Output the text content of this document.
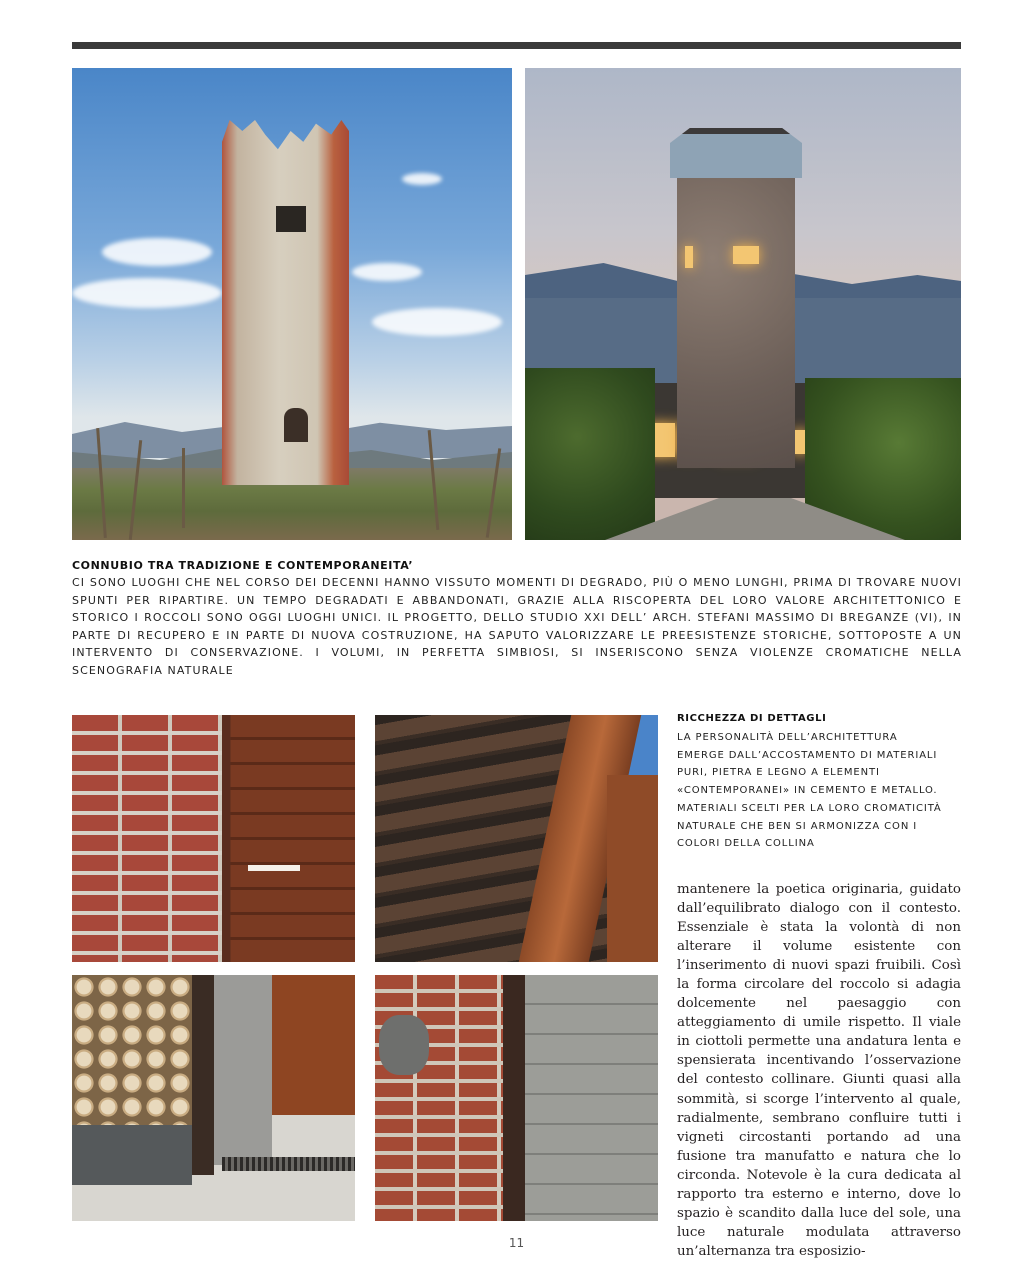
CONNUBIO TRA TRADIZIONE E CONTEMPORANEITA’
CI SONO LUOGHI CHE NEL CORSO DEI DECENNI HANNO VISSUTO MOMENTI DI DEGRADO, PIÙ O MENO LUNGHI, PRIMA DI TROVARE NUOVI SPUNTI PER RIPARTIRE. UN TEMPO DEGRADATI E ABBANDONATI, GRAZIE ALLA RISCOPERTA DEL LORO VALORE ARCHITETTONICO E STORICO I ROCCOLI SONO OGGI LUOGHI UNICI. IL PROGETTO, DELLO STUDIO XXI DELL’ ARCH. STEFANI MASSIMO DI BREGANZE (VI), IN PARTE DI RECUPERO E IN PARTE DI NUOVA COSTRUZIONE, HA SAPUTO VALORIZZARE LE PREESISTENZE STORICHE, SOTTOPOSTE A UN INTERVENTO DI CONSERVAZIONE. I VOLUMI, IN PERFETTA SIMBIOSI, SI INSERISCONO SENZA VIOLENZE CROMATICHE NELLA SCENOGRAFIA NATURALE
RICCHEZZA DI DETTAGLI
LA PERSONALITÀ DELL’ARCHITETTURA
EMERGE DALL’ACCOSTAMENTO DI MATERIALI
PURI, PIETRA E LEGNO A ELEMENTI
«CONTEMPORANEI» IN CEMENTO E METALLO.
MATERIALI SCELTI PER LA LORO CROMATICITÀ
NATURALE CHE BEN SI ARMONIZZA CON I
COLORI DELLA COLLINA
mantenere la poetica originaria, guidato dall’equilibrato dialogo con il contesto. Essenziale è stata la volontà di non alterare il volume esistente con l’inserimento di nuovi spazi fruibili. Così la forma circolare del roccolo si adagia dolcemente nel paesaggio con atteggiamento di umile rispetto. Il viale in ciottoli permette una andatura lenta e spensierata incentivando l’osservazione del contesto collinare. Giunti quasi alla sommità, si scorge l’intervento al quale, radialmente, sembrano confluire tutti i vigneti circostanti portando ad una fusione tra manufatto e natura che lo circonda. Notevole è la cura dedicata al rapporto tra esterno e interno, dove lo spazio è scandito dalla luce del sole, una luce naturale modulata attraverso un’alternanza tra esposizio-
11
